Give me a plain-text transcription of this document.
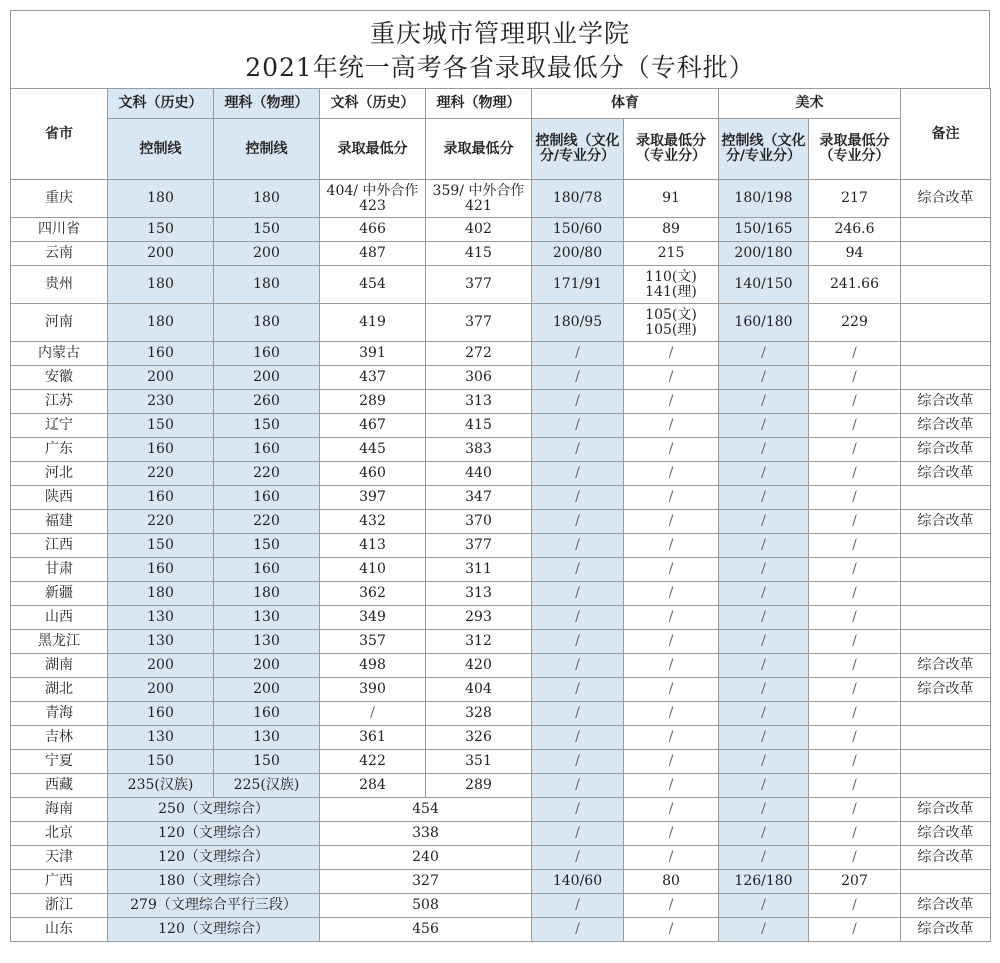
重庆城市管理职业学院
2021年统一高考各省录取最低分（专科批）
省市	文科（历史）	理科（物理）	文科（历史）	理科（物理）	体育		美术		备注
	控制线	控制线	录取最低分	录取最低分	控制线（文化分/专业分）	录取最低分（专业分）	控制线（文化分/专业分）	录取最低分（专业分）	
重庆	180	180	404/ 中外合作423	359/ 中外合作421	180/78	91	180/198	217	综合改革
四川省	150	150	466	402	150/60	89	150/165	246.6	
云南	200	200	487	415	200/80	215	200/180	94	
贵州	180	180	454	377	171/91	110(文) 141(理)	140/150	241.66	
河南	180	180	419	377	180/95	105(文) 105(理)	160/180	229	
内蒙古	160	160	391	272	/	/	/	/	
安徽	200	200	437	306	/	/	/	/	
江苏	230	260	289	313	/	/	/	/	综合改革
辽宁	150	150	467	415	/	/	/	/	综合改革
广东	160	160	445	383	/	/	/	/	综合改革
河北	220	220	460	440	/	/	/	/	综合改革
陕西	160	160	397	347	/	/	/	/	
福建	220	220	432	370	/	/	/	/	综合改革
江西	150	150	413	377	/	/	/	/	
甘肃	160	160	410	311	/	/	/	/	
新疆	180	180	362	313	/	/	/	/	
山西	130	130	349	293	/	/	/	/	
黑龙江	130	130	357	312	/	/	/	/	
湖南	200	200	498	420	/	/	/	/	综合改革
湖北	200	200	390	404	/	/	/	/	综合改革
青海	160	160	/	328	/	/	/	/	
吉林	130	130	361	326	/	/	/	/	
宁夏	150	150	422	351	/	/	/	/	
西藏	235(汉族)	225(汉族)	284	289	/	/	/	/	
海南	250（文理综合）		454		/	/	/	/	综合改革
北京	120（文理综合）		338		/	/	/	/	综合改革
天津	120（文理综合）		240		/	/	/	/	综合改革
广西	180（文理综合）		327		140/60	80	126/180	207	
浙江	279（文理综合平行三段）		508		/	/	/	/	综合改革
山东	120（文理综合）		456		/	/	/	/	综合改革
